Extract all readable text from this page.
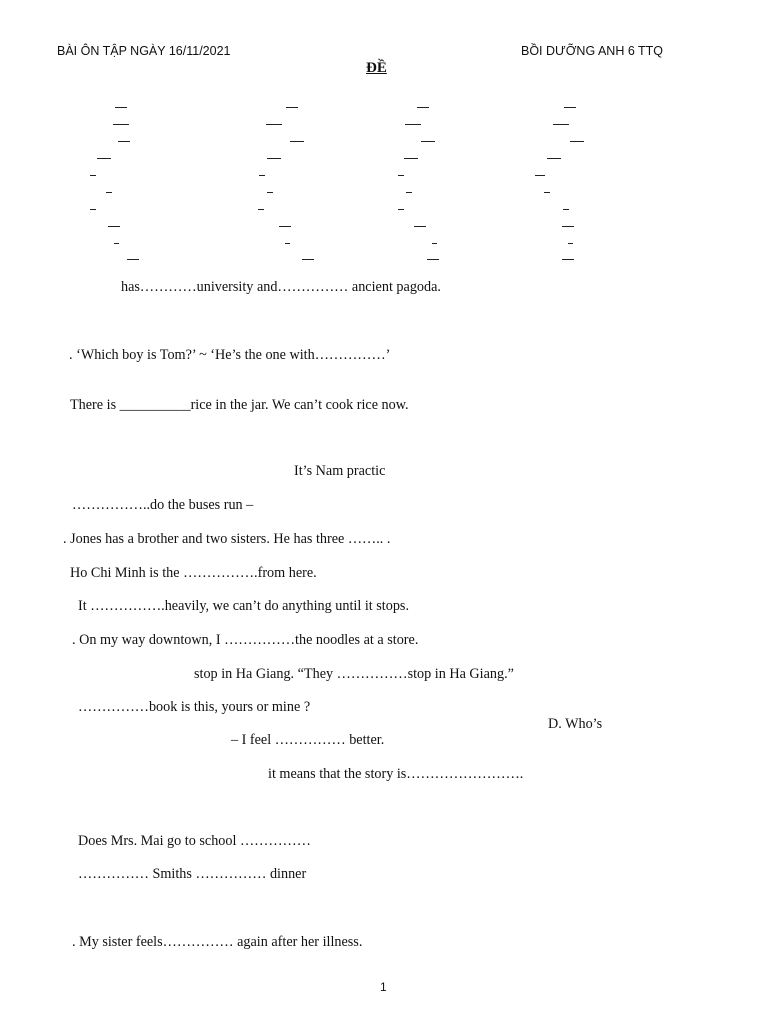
BÀI ÔN TẬP NGÀY 16/11/2021	BỒI DƯỠNG ANH 6 TTQ
ĐỀ
has…………university and…………… ancient pagoda.
. ‘Which boy is Tom?’ ~ ‘He’s the one with……………’
There is __________rice in the jar. We can’t cook rice now.
It’s Nam practic
……………..do the buses run –
. Jones has a brother and two sisters. He has three …….. .
Ho Chi Minh is the …………….from here.
It …………….heavily, we can’t do anything until it stops.
. On my way downtown, I ……………the noodles at a store.
stop in Ha Giang. “They ……………stop in Ha Giang.”
……………book is this, yours or mine ?
D. Who’s
– I feel …………… better.
it means that the story is…………………….
Does Mrs. Mai go to school ……………
…………… Smiths …………… dinner
. My sister feels…………… again after her illness.
1
